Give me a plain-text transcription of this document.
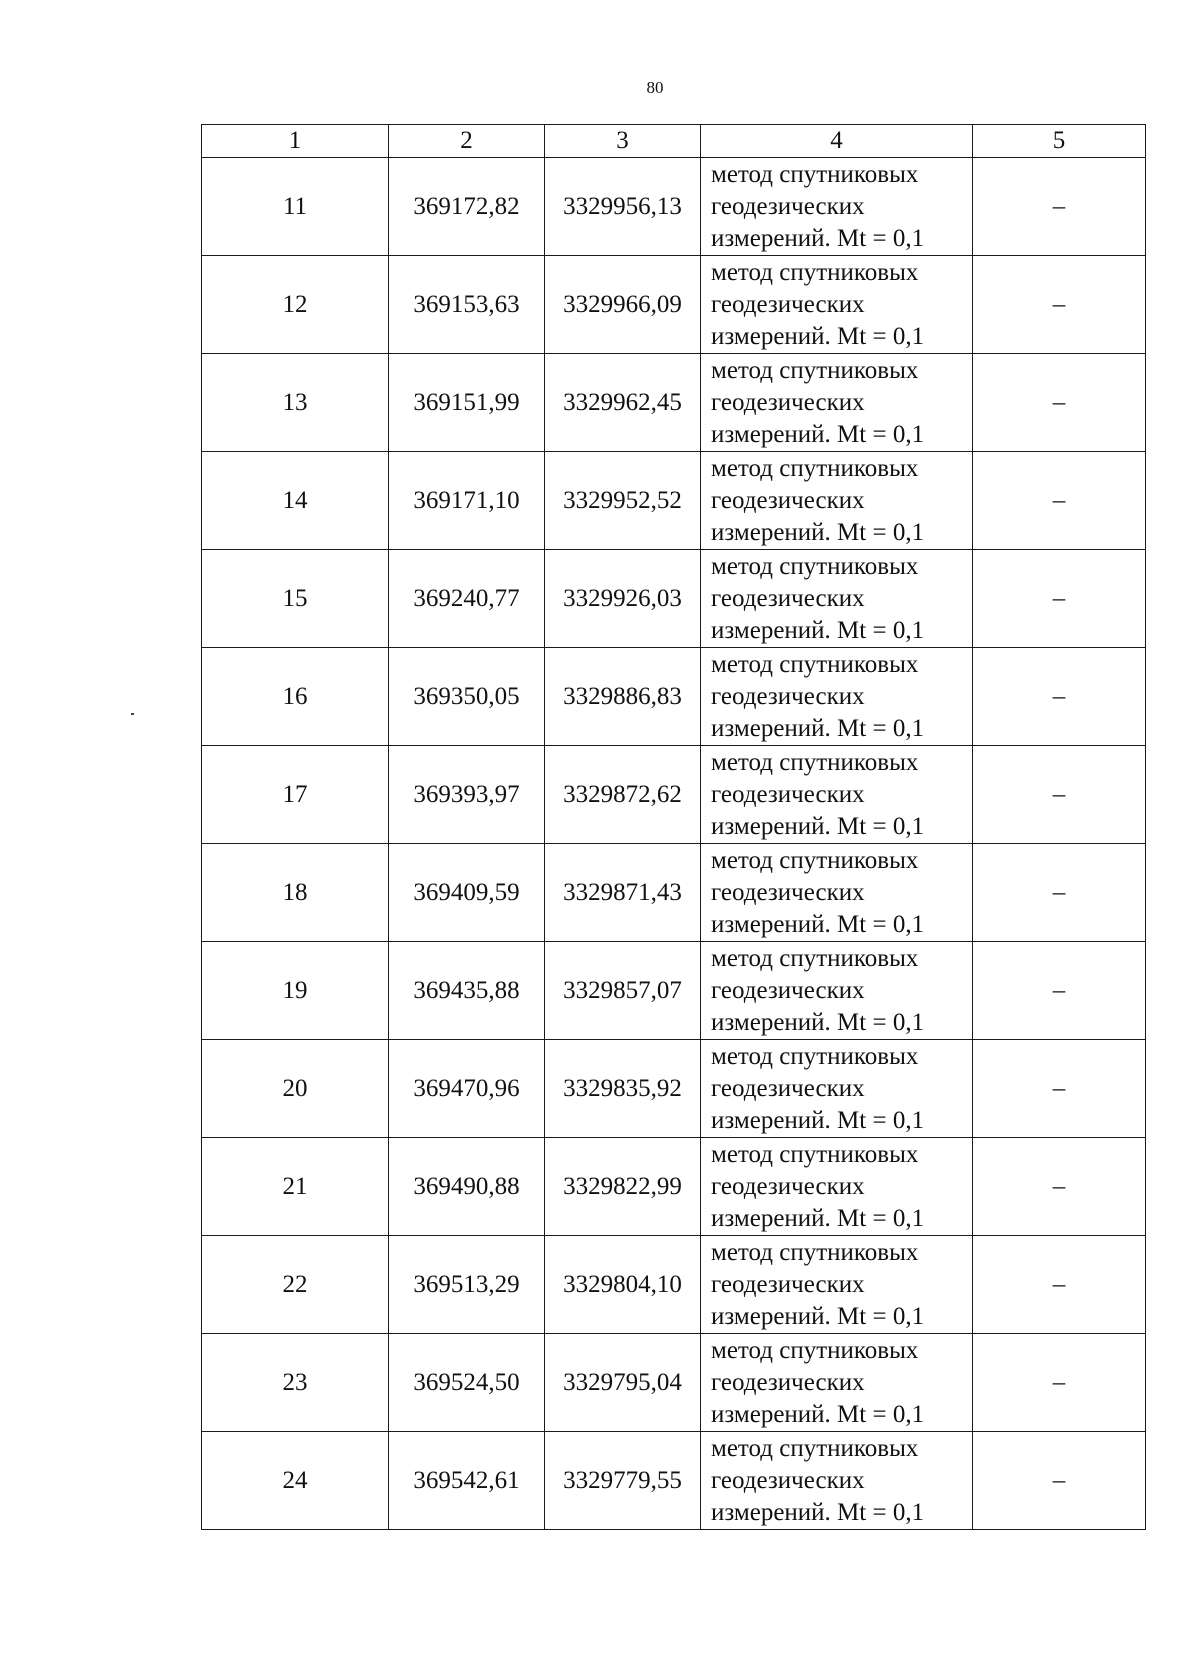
80
1	2	3	4	5
11	369172,82	3329956,13	метод спутниковых
геодезических
измерений. Mt = 0,1	–
12	369153,63	3329966,09	метод спутниковых
геодезических
измерений. Mt = 0,1	–
13	369151,99	3329962,45	метод спутниковых
геодезических
измерений. Mt = 0,1	–
14	369171,10	3329952,52	метод спутниковых
геодезических
измерений. Mt = 0,1	–
15	369240,77	3329926,03	метод спутниковых
геодезических
измерений. Mt = 0,1	–
16	369350,05	3329886,83	метод спутниковых
геодезических
измерений. Mt = 0,1	–
17	369393,97	3329872,62	метод спутниковых
геодезических
измерений. Mt = 0,1	–
18	369409,59	3329871,43	метод спутниковых
геодезических
измерений. Mt = 0,1	–
19	369435,88	3329857,07	метод спутниковых
геодезических
измерений. Mt = 0,1	–
20	369470,96	3329835,92	метод спутниковых
геодезических
измерений. Mt = 0,1	–
21	369490,88	3329822,99	метод спутниковых
геодезических
измерений. Mt = 0,1	–
22	369513,29	3329804,10	метод спутниковых
геодезических
измерений. Mt = 0,1	–
23	369524,50	3329795,04	метод спутниковых
геодезических
измерений. Mt = 0,1	–
24	369542,61	3329779,55	метод спутниковых
геодезических
измерений. Mt = 0,1	–
